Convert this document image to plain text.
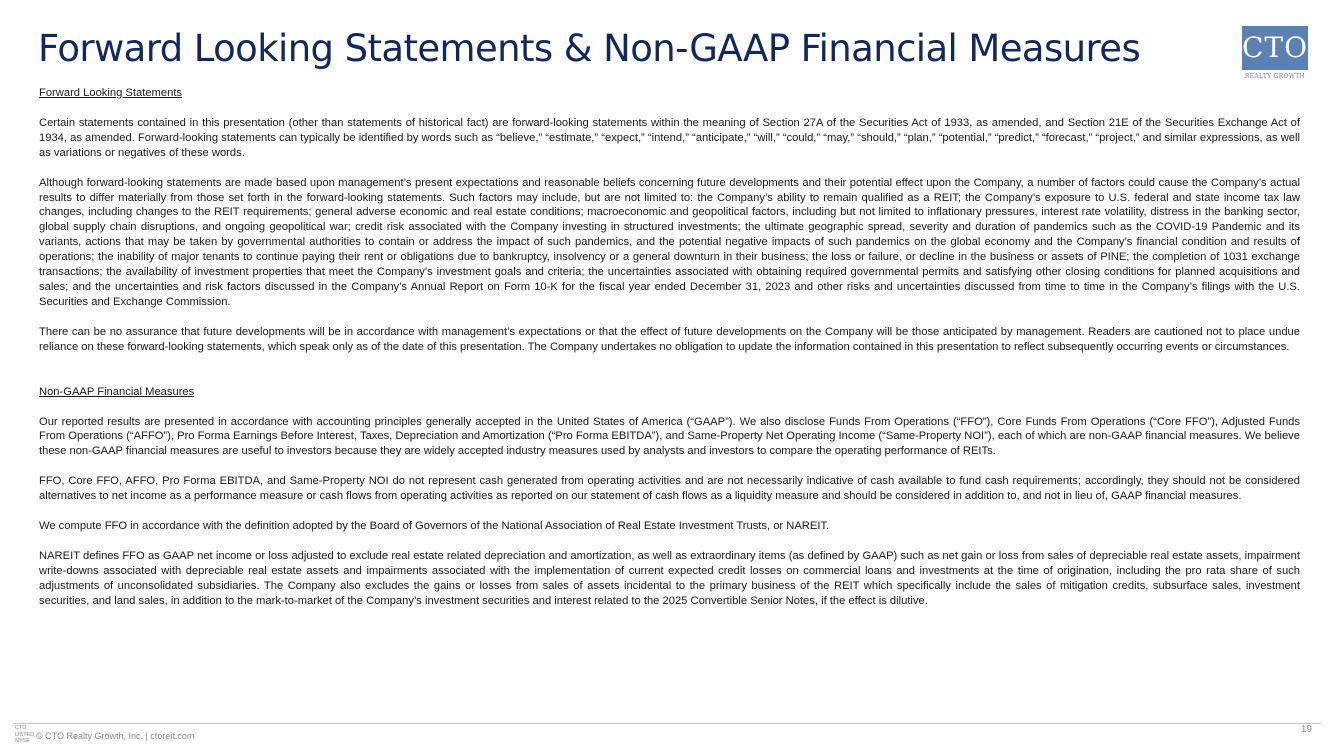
Forward Looking Statements & Non-GAAP Financial Measures	CTO
REALTY GROWTH
Forward Looking Statements

Certain statements contained in this presentation (other than statements of historical fact) are forward-looking statements within the meaning of Section 27A of the Securities Act of 1933, as amended, and Section 21E of the Securities Exchange Act of 1934, as amended. Forward-looking statements can typically be identified by words such as “believe,” “estimate,” “expect,” “intend,” “anticipate,” “will,” “could,” “may,” “should,” “plan,” “potential,” “predict,” “forecast,” “project,” and similar expressions, as well as variations or negatives of these words.

Although forward-looking statements are made based upon management’s present expectations and reasonable beliefs concerning future developments and their potential effect upon the Company, a number of factors could cause the Company’s actual results to differ materially from those set forth in the forward-looking statements. Such factors may include, but are not limited to: the Company’s ability to remain qualified as a REIT; the Company’s exposure to U.S. federal and state income tax law changes, including changes to the REIT requirements; general adverse economic and real estate conditions; macroeconomic and geopolitical factors, including but not limited to inflationary pressures, interest rate volatility, distress in the banking sector, global supply chain disruptions, and ongoing geopolitical war; credit risk associated with the Company investing in structured investments; the ultimate geographic spread, severity and duration of pandemics such as the COVID-19 Pandemic and its variants, actions that may be taken by governmental authorities to contain or address the impact of such pandemics, and the potential negative impacts of such pandemics on the global economy and the Company’s financial condition and results of operations; the inability of major tenants to continue paying their rent or obligations due to bankruptcy, insolvency or a general downturn in their business; the loss or failure, or decline in the business or assets of PINE; the completion of 1031 exchange transactions; the availability of investment properties that meet the Company’s investment goals and criteria; the uncertainties associated with obtaining required governmental permits and satisfying other closing conditions for planned acquisitions and sales; and the uncertainties and risk factors discussed in the Company’s Annual Report on Form 10-K for the fiscal year ended December 31, 2023 and other risks and uncertainties discussed from time to time in the Company’s filings with the U.S. Securities and Exchange Commission.

There can be no assurance that future developments will be in accordance with management’s expectations or that the effect of future developments on the Company will be those anticipated by management. Readers are cautioned not to place undue reliance on these forward-looking statements, which speak only as of the date of this presentation. The Company undertakes no obligation to update the information contained in this presentation to reflect subsequently occurring events or circumstances.

Non-GAAP Financial Measures

Our reported results are presented in accordance with accounting principles generally accepted in the United States of America (“GAAP”). We also disclose Funds From Operations (“FFO”), Core Funds From Operations (“Core FFO”), Adjusted Funds From Operations (“AFFO”), Pro Forma Earnings Before Interest, Taxes, Depreciation and Amortization (“Pro Forma EBITDA”), and Same-Property Net Operating Income (“Same-Property NOI”), each of which are non-GAAP financial measures. We believe these non-GAAP financial measures are useful to investors because they are widely accepted industry measures used by analysts and investors to compare the operating performance of REITs.

FFO, Core FFO, AFFO, Pro Forma EBITDA, and Same-Property NOI do not represent cash generated from operating activities and are not necessarily indicative of cash available to fund cash requirements; accordingly, they should not be considered alternatives to net income as a performance measure or cash flows from operating activities as reported on our statement of cash flows as a liquidity measure and should be considered in addition to, and not in lieu of, GAAP financial measures.

We compute FFO in accordance with the definition adopted by the Board of Governors of the National Association of Real Estate Investment Trusts, or NAREIT.

NAREIT defines FFO as GAAP net income or loss adjusted to exclude real estate related depreciation and amortization, as well as extraordinary items (as defined by GAAP) such as net gain or loss from sales of depreciable real estate assets, impairment write-downs associated with depreciable real estate assets and impairments associated with the implementation of current expected credit losses on commercial loans and investments at the time of origination, including the pro rata share of such adjustments of unconsolidated subsidiaries. The Company also excludes the gains or losses from sales of assets incidental to the primary business of the REIT which specifically include the sales of mitigation credits, subsurface sales, investment securities, and land sales, in addition to the mark-to-market of the Company’s investment securities and interest related to the 2025 Convertible Senior Notes, if the effect is dilutive.

CTO
LISTED
NYSE © CTO Realty Growth, Inc. | ctoreit.com
19
